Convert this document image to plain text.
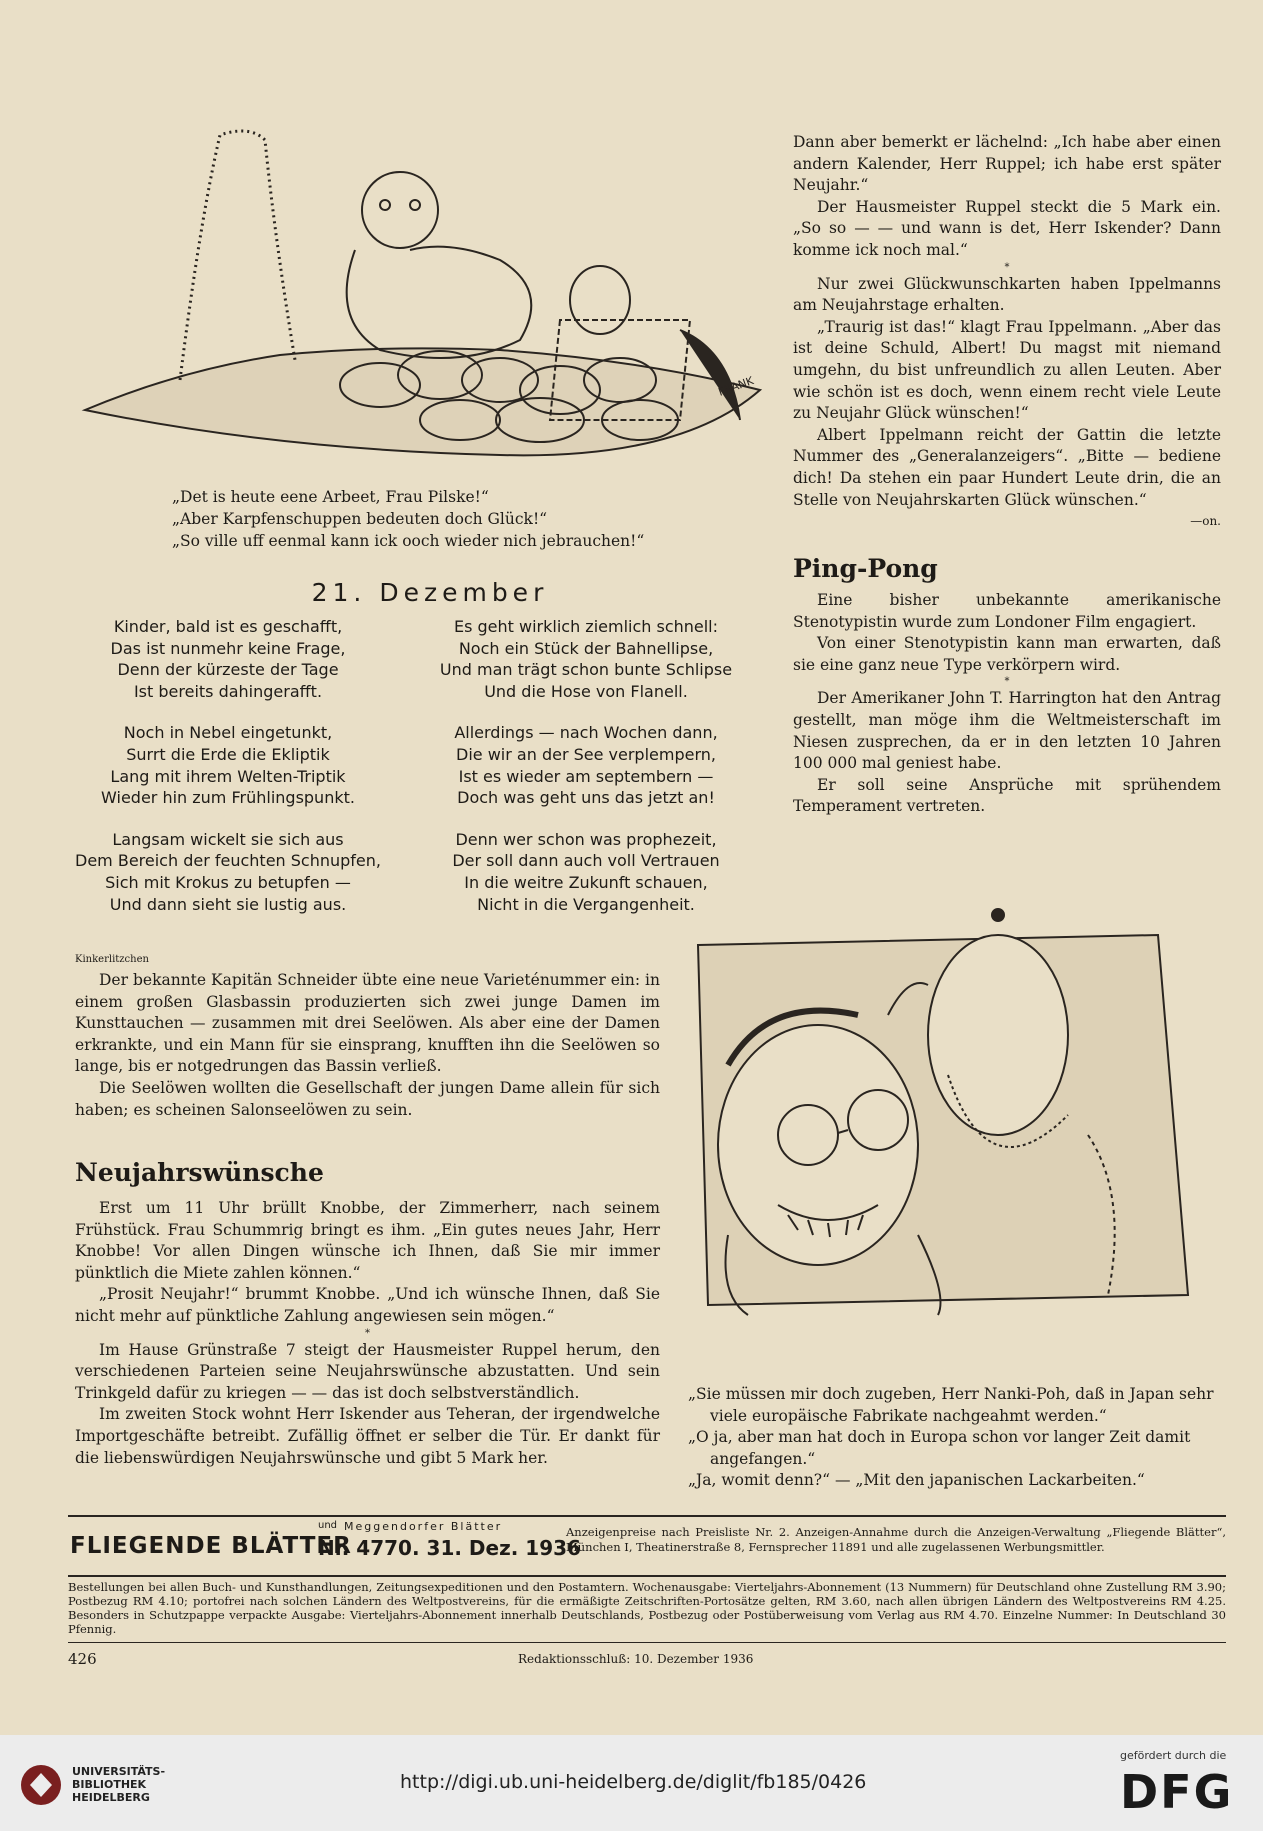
FRANK
„Det is heute eene Arbeet, Frau Pilske!“
„Aber Karpfenschuppen bedeuten doch Glück!“
„So ville uff eenmal kann ick ooch wieder nich jebrauchen!“
21. Dezember
Kinder, bald ist es geschafft,
Das ist nunmehr keine Frage,
Denn der kürzeste der Tage
Ist bereits dahingerafft.
Noch in Nebel eingetunkt,
Surrt die Erde die Ekliptik
Lang mit ihrem Welten-Triptik
Wieder hin zum Frühlingspunkt.
Langsam wickelt sie sich aus
Dem Bereich der feuchten Schnupfen,
Sich mit Krokus zu betupfen —
Und dann sieht sie lustig aus.
Es geht wirklich ziemlich schnell:
Noch ein Stück der Bahnellipse,
Und man trägt schon bunte Schlipse
Und die Hose von Flanell.
Allerdings — nach Wochen dann,
Die wir an der See verplempern,
Ist es wieder am septembern —
Doch was geht uns das jetzt an!
Denn wer schon was prophezeit,
Der soll dann auch voll Vertrauen
In die weitre Zukunft schauen,
Nicht in die Vergangenheit.
Kinkerlitzchen

Der bekannte Kapitän Schneider übte eine neue Varieténummer ein: in einem großen Glasbassin produzierten sich zwei junge Damen im Kunsttauchen — zusammen mit drei Seelöwen. Als aber eine der Damen erkrankte, und ein Mann für sie einsprang, knufften ihn die Seelöwen so lange, bis er notgedrungen das Bassin verließ.

Die Seelöwen wollten die Gesellschaft der jungen Dame allein für sich haben; es scheinen Salonseelöwen zu sein.

Neujahrswünsche

Erst um 11 Uhr brüllt Knobbe, der Zimmerherr, nach seinem Frühstück. Frau Schummrig bringt es ihm. „Ein gutes neues Jahr, Herr Knobbe! Vor allen Dingen wünsche ich Ihnen, daß Sie mir immer pünktlich die Miete zahlen können.“

„Prosit Neujahr!“ brummt Knobbe. „Und ich wünsche Ihnen, daß Sie nicht mehr auf pünktliche Zahlung angewiesen sein mögen.“

*

Im Hause Grünstraße 7 steigt der Hausmeister Ruppel herum, den verschiedenen Parteien seine Neujahrswünsche abzustatten. Und sein Trinkgeld dafür zu kriegen — — das ist doch selbstverständlich.

Im zweiten Stock wohnt Herr Iskender aus Teheran, der irgendwelche Importgeschäfte betreibt. Zufällig öffnet er selber die Tür. Er dankt für die liebenswürdigen Neujahrswünsche und gibt 5 Mark her.

Dann aber bemerkt er lächelnd: „Ich habe aber einen andern Kalender, Herr Ruppel; ich habe erst später Neujahr.“

Der Hausmeister Ruppel steckt die 5 Mark ein. „So so — — und wann is det, Herr Iskender? Dann komme ick noch mal.“

*

Nur zwei Glückwunschkarten haben Ippelmanns am Neujahrstage erhalten.

„Traurig ist das!“ klagt Frau Ippelmann. „Aber das ist deine Schuld, Albert! Du magst mit niemand umgehn, du bist unfreundlich zu allen Leuten. Aber wie schön ist es doch, wenn einem recht viele Leute zu Neujahr Glück wünschen!“

Albert Ippelmann reicht der Gattin die letzte Nummer des „Generalanzeigers“. „Bitte — bediene dich! Da stehen ein paar Hundert Leute drin, die an Stelle von Neujahrskarten Glück wünschen.“

—on.
Ping-Pong

Eine bisher unbekannte amerikanische Stenotypistin wurde zum Londoner Film engagiert.

Von einer Stenotypistin kann man erwarten, daß sie eine ganz neue Type verkörpern wird.

*

Der Amerikaner John T. Harrington hat den Antrag gestellt, man möge ihm die Weltmeisterschaft im Niesen zusprechen, da er in den letzten 10 Jahren 100 000 mal geniest habe.

Er soll seine Ansprüche mit sprühendem Temperament vertreten.

„Sie müssen mir doch zugeben, Herr Nanki-Poh, daß in Japan sehr viele europäische Fabrikate nachgeahmt werden.“
„O ja, aber man hat doch in Europa schon vor langer Zeit damit angefangen.“
„Ja, womit denn?“ — „Mit den japanischen Lackarbeiten.“
FLIEGENDE BLÄTTER
und Meggendorfer Blätter
Nr. 4770. 31. Dez. 1936
Anzeigenpreise nach Preisliste Nr. 2. Anzeigen-Annahme durch die Anzeigen-Verwaltung „Fliegende Blätter“, München I, Theatinerstraße 8, Fernsprecher 11891 und alle zugelassenen Werbungsmittler.
Bestellungen bei allen Buch- und Kunsthandlungen, Zeitungsexpeditionen und den Postamtern. Wochenausgabe: Vierteljahrs-Abonnement (13 Nummern) für Deutschland ohne Zustellung RM 3.90; Postbezug RM 4.10; portofrei nach solchen Ländern des Weltpostvereins, für die ermäßigte Zeitschriften-Portosätze gelten, RM 3.60, nach allen übrigen Ländern des Weltpostvereins RM 4.25. Besonders in Schutzpappe verpackte Ausgabe: Vierteljahrs-Abonnement innerhalb Deutschlands, Postbezug oder Postüberweisung vom Verlag aus RM 4.70. Einzelne Nummer: In Deutschland 30 Pfennig.
426	Redaktionsschluß: 10. Dezember 1936
UNIVERSITÄTS-
BIBLIOTHEK
HEIDELBERG
http://digi.ub.uni-heidelberg.de/diglit/fb185/0426
gefördert durch die
DFG
